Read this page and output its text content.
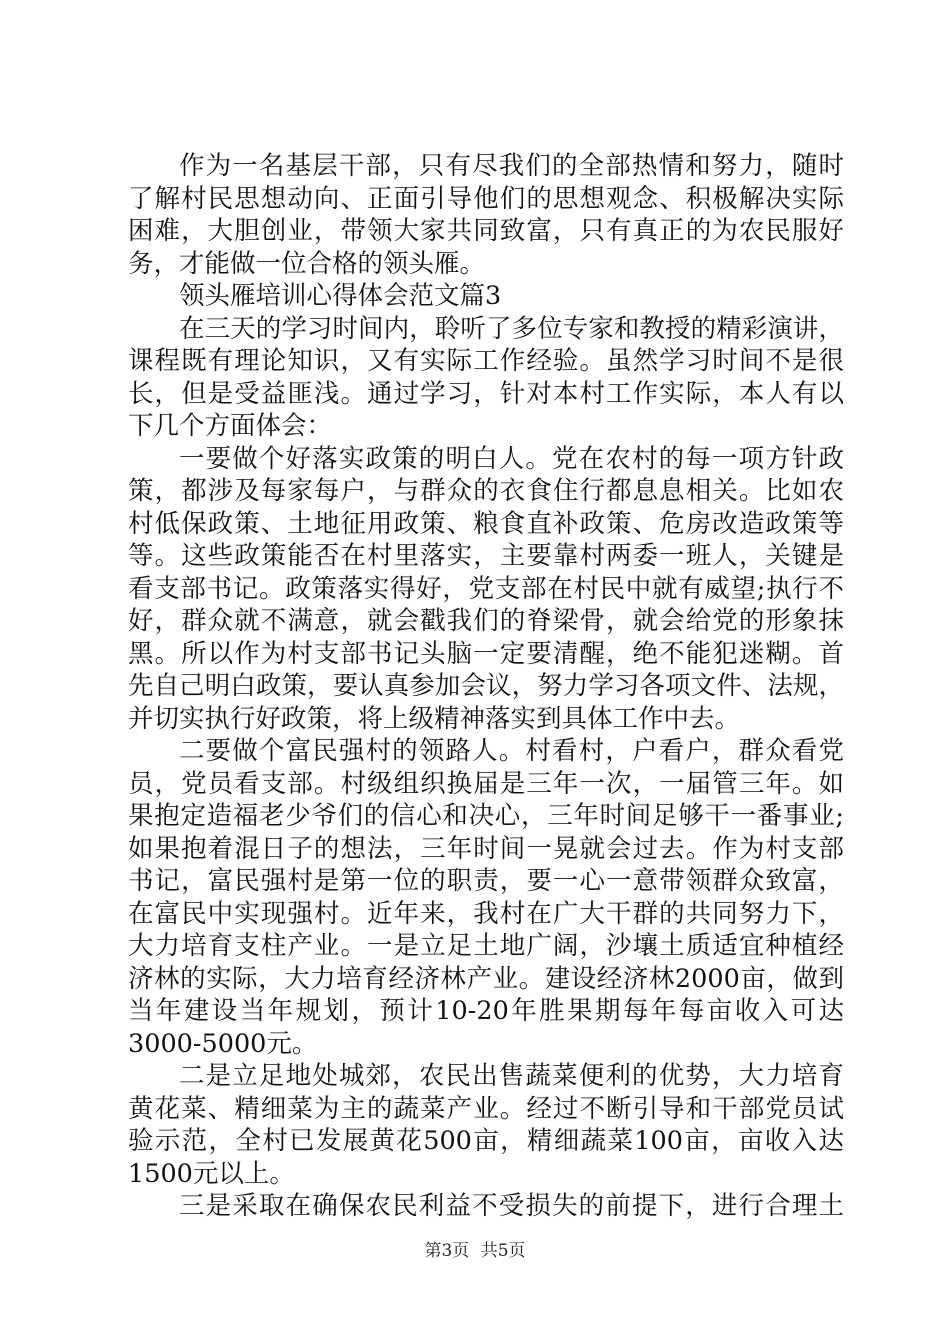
作为一名基层干部，只有尽我们的全部热情和努力，随时
了解村民思想动向、正面引导他们的思想观念、积极解决实际
困难，大胆创业，带领大家共同致富，只有真正的为农民服好
务，才能做一位合格的领头雁。
领头雁培训心得体会范文篇3
在三天的学习时间内，聆听了多位专家和教授的精彩演讲，
课程既有理论知识，又有实际工作经验。虽然学习时间不是很
长，但是受益匪浅。通过学习，针对本村工作实际，本人有以
下几个方面体会：
一要做个好落实政策的明白人。党在农村的每一项方针政
策，都涉及每家每户，与群众的衣食住行都息息相关。比如农
村低保政策、土地征用政策、粮食直补政策、危房改造政策等
等。这些政策能否在村里落实，主要靠村两委一班人，关键是
看支部书记。政策落实得好，党支部在村民中就有威望;执行不
好，群众就不满意，就会戳我们的脊梁骨，就会给党的形象抹
黑。所以作为村支部书记头脑一定要清醒，绝不能犯迷糊。首
先自己明白政策，要认真参加会议，努力学习各项文件、法规，
并切实执行好政策，将上级精神落实到具体工作中去。
二要做个富民强村的领路人。村看村，户看户，群众看党
员，党员看支部。村级组织换届是三年一次，一届管三年。如
果抱定造福老少爷们的信心和决心，三年时间足够干一番事业;
如果抱着混日子的想法，三年时间一晃就会过去。作为村支部
书记，富民强村是第一位的职责，要一心一意带领群众致富，
在富民中实现强村。近年来，我村在广大干群的共同努力下，
大力培育支柱产业。一是立足土地广阔，沙壤土质适宜种植经
济林的实际，大力培育经济林产业。建设经济林2000亩，做到
当年建设当年规划，预计10-20年胜果期每年每亩收入可达
3000-5000元。
二是立足地处城郊，农民出售蔬菜便利的优势，大力培育
黄花菜、精细菜为主的蔬菜产业。经过不断引导和干部党员试
验示范，全村已发展黄花500亩，精细蔬菜100亩，亩收入达
1500元以上。
三是采取在确保农民利益不受损失的前提下，进行合理土
第3页 共5页
